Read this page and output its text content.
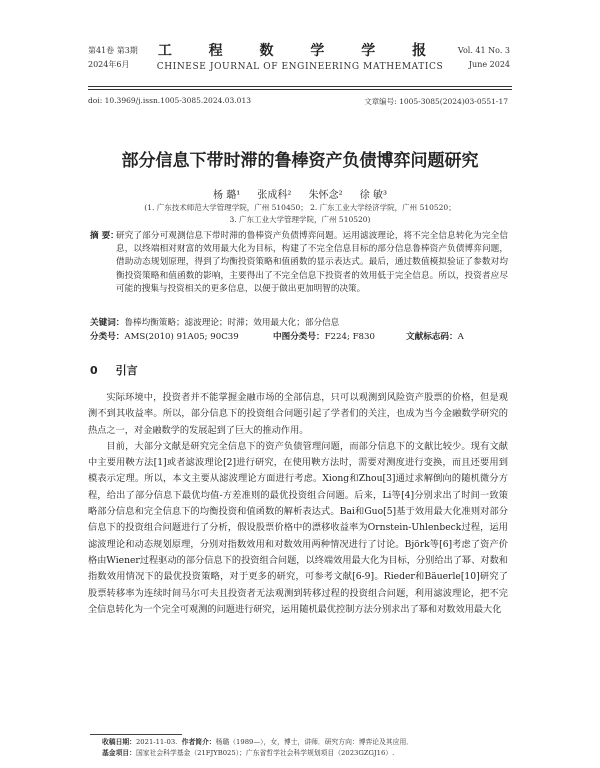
第41卷 第3期
2024年6月
工 程 数 学 学 报
CHINESE JOURNAL OF ENGINEERING MATHEMATICS
Vol. 41 No. 3
June 2024
doi: 10.3969/j.issn.1005-3085.2024.03.013	文章编号: 1005-3085(2024)03-0551-17
部分信息下带时滞的鲁棒资产负债博弈问题研究
杨 璐¹ 张成科² 朱怀念² 徐 敏³
(1. 广东技术师范大学管理学院，广州 510450； 2. 广东工业大学经济学院，广州 510520；
3. 广东工业大学管理学院，广州 510520)
摘 要：
研究了部分可观测信息下带时滞的鲁棒资产负债博弈问题。运用滤波理论，将不完全信息转化为完全信息，以终端相对财富的效用最大化为目标，构建了不完全信息目标的部分信息鲁棒资产负债博弈问题，借助动态规划原理，得到了均衡投资策略和值函数的显示表达式。最后，通过数值模拟验证了参数对均衡投资策略和值函数的影响，主要得出了不完全信息下投资者的效用低于完全信息。所以，投资者应尽可能的搜集与投资相关的更多信息，以便于做出更加明智的决策。
关键词：鲁棒均衡策略；滤波理论；时滞；效用最大化；部分信息
分类号：AMS(2010) 91A05; 90C39	中图分类号：F224; F830	文献标志码：A
0 引言

实际环境中，投资者并不能掌握金融市场的全部信息，只可以观测到风险资产股票的价格，但是观测不到其收益率。所以，部分信息下的投资组合问题引起了学者们的关注，也成为当今金融数学研究的热点之一，对金融数学的发展起到了巨大的推动作用。

目前，大部分文献是研究完全信息下的资产负债管理问题，而部分信息下的文献比较少。现有文献中主要用鞅方法[1]或者滤波理论[2]进行研究，在使用鞅方法时，需要对测度进行变换，而且还要用到模表示定理。所以，本文主要从滤波理论方面进行考虑。Xiong和Zhou[3]通过求解倒向的随机微分方程，给出了部分信息下最优均值-方差准则的最优投资组合问题。后来，Li等[4]分别求出了时间一致策略部分信息和完全信息下的均衡投资和值函数的解析表达式。Bai和Guo[5]基于效用最大化准则对部分信息下的投资组合问题进行了分析，假设股票价格中的漂移收益率为Ornstein-Uhlenbeck过程，运用滤波理论和动态规划原理，分别对指数效用和对数效用两种情况进行了讨论。Björk等[6]考虑了资产价格由Wiener过程驱动的部分信息下的投资组合问题，以终端效用最大化为目标，分别给出了幂、对数和指数效用情况下的最优投资策略，对于更多的研究，可参考文献[6-9]。Rieder和Bäuerle[10]研究了股票转移率为连续时间马尔可夫且投资者无法观测到转移过程的投资组合问题，利用滤波理论，把不完全信息转化为一个完全可观测的问题进行研究，运用随机最优控制方法分别求出了幂和对数效用最大化

收稿日期：2021-11-03. 作者简介：杨璐（1989—），女，博士，讲师．研究方向：博弈论及其应用．
基金项目：国家社会科学基金（21FJYB025）；广东省哲学社会科学规划项目（2023GZGJ16）.
